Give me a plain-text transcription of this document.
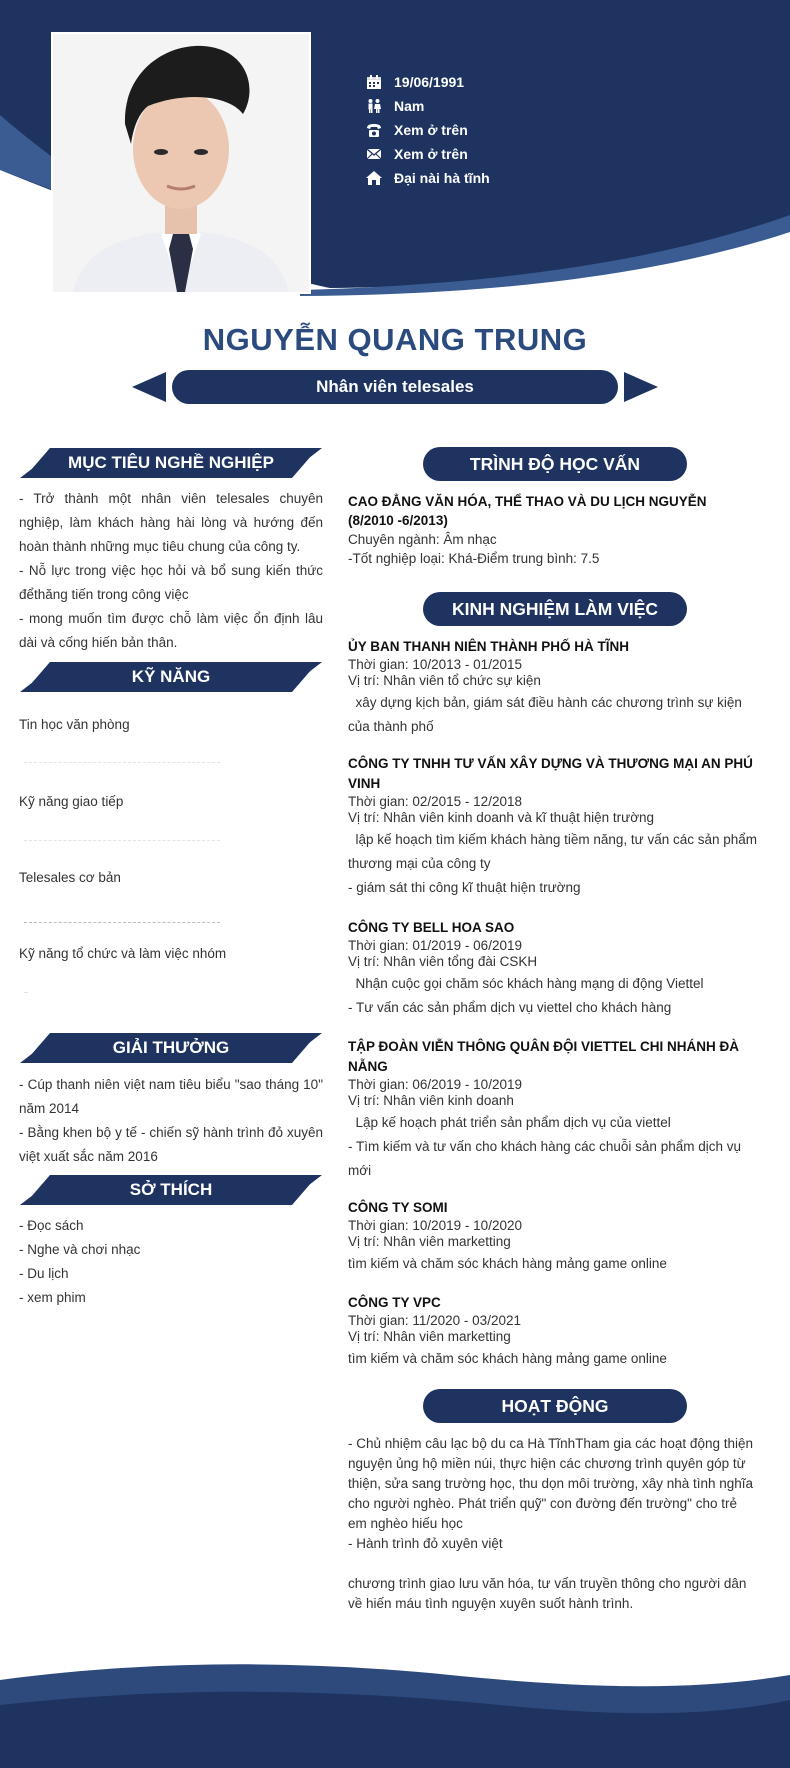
19/06/1991
Nam
Xem ở trên
Xem ở trên
Đại nài hà tĩnh
NGUYỄN QUANG TRUNG
Nhân viên telesales
MỤC TIÊU NGHỀ NGHIỆP

- Trở thành một nhân viên telesales chuyên nghiệp, làm khách hàng hài lòng và hướng đến hoàn thành những mục tiêu chung của công ty.

- Nỗ lực trong việc học hỏi và bổ sung kiến thức đểthăng tiến trong công việc

- mong muốn tìm được chỗ làm việc ổn định lâu dài và cống hiến bản thân.

KỸ NĂNG
Tin học văn phòng
Kỹ năng giao tiếp
Telesales cơ bản
Kỹ năng tổ chức và làm việc nhóm
GIẢI THƯỞNG

- Cúp thanh niên việt nam tiêu biểu "sao tháng 10" năm 2014

- Bằng khen bộ y tế - chiến sỹ hành trình đỏ xuyên việt xuất sắc năm 2016

SỞ THÍCH

- Đọc sách

- Nghe và chơi nhạc

- Du lịch

- xem phim

TRÌNH ĐỘ HỌC VẤN
CAO ĐẲNG VĂN HÓA, THỂ THAO VÀ DU LỊCH NGUYỄN (8/2010 -6/2013)
Chuyên ngành: Âm nhạc
-Tốt nghiệp loại: Khá-Điểm trung bình: 7.5
KINH NGHIỆM LÀM VIỆC
ỦY BAN THANH NIÊN THÀNH PHỐ HÀ TĨNH
Thời gian: 10/2013 - 01/2015
Vị trí: Nhân viên tổ chức sự kiện

xây dựng kịch bản, giám sát điều hành các chương trình sự kiện của thành phố

CÔNG TY TNHH TƯ VẤN XÂY DỰNG VÀ THƯƠNG MẠI AN PHÚ VINH
Thời gian: 02/2015 - 12/2018
Vị trí: Nhân viên kinh doanh và kĩ thuật hiện trường

lập kế hoạch tìm kiếm khách hàng tiềm năng, tư vấn các sản phẩm thương mại của công ty

- giám sát thi công kĩ thuật hiện trường

CÔNG TY BELL HOA SAO
Thời gian: 01/2019 - 06/2019
Vị trí: Nhân viên tổng đài CSKH

Nhận cuộc gọi chăm sóc khách hàng mạng di động Viettel

- Tư vấn các sản phẩm dịch vụ viettel cho khách hàng

TẬP ĐOÀN VIỄN THÔNG QUÂN ĐỘI VIETTEL CHI NHÁNH ĐÀ NẴNG
Thời gian: 06/2019 - 10/2019
Vị trí: Nhân viên kinh doanh

Lập kế hoạch phát triển sản phẩm dịch vụ của viettel

- Tìm kiếm và tư vấn cho khách hàng các chuỗi sản phẩm dịch vụ mới

CÔNG TY SOMI
Thời gian: 10/2019 - 10/2020
Vị trí: Nhân viên marketting

tìm kiếm và chăm sóc khách hàng mảng game online

CÔNG TY VPC
Thời gian: 11/2020 - 03/2021
Vị trí: Nhân viên marketting

tìm kiếm và chăm sóc khách hàng mảng game online

HOẠT ĐỘNG

- Chủ nhiệm câu lạc bộ du ca Hà TĩnhTham gia các hoạt động thiện nguyện ủng hộ miền núi, thực hiện các chương trình quyên góp từ thiện, sửa sang trường học, thu dọn môi trường, xây nhà tình nghĩa cho người nghèo. Phát triển quỹ" con đường đến trường" cho trẻ em nghèo hiếu học

- Hành trình đỏ xuyên việt

chương trình giao lưu văn hóa, tư vấn truyền thông cho người dân về hiến máu tình nguyện xuyên suốt hành trình.
